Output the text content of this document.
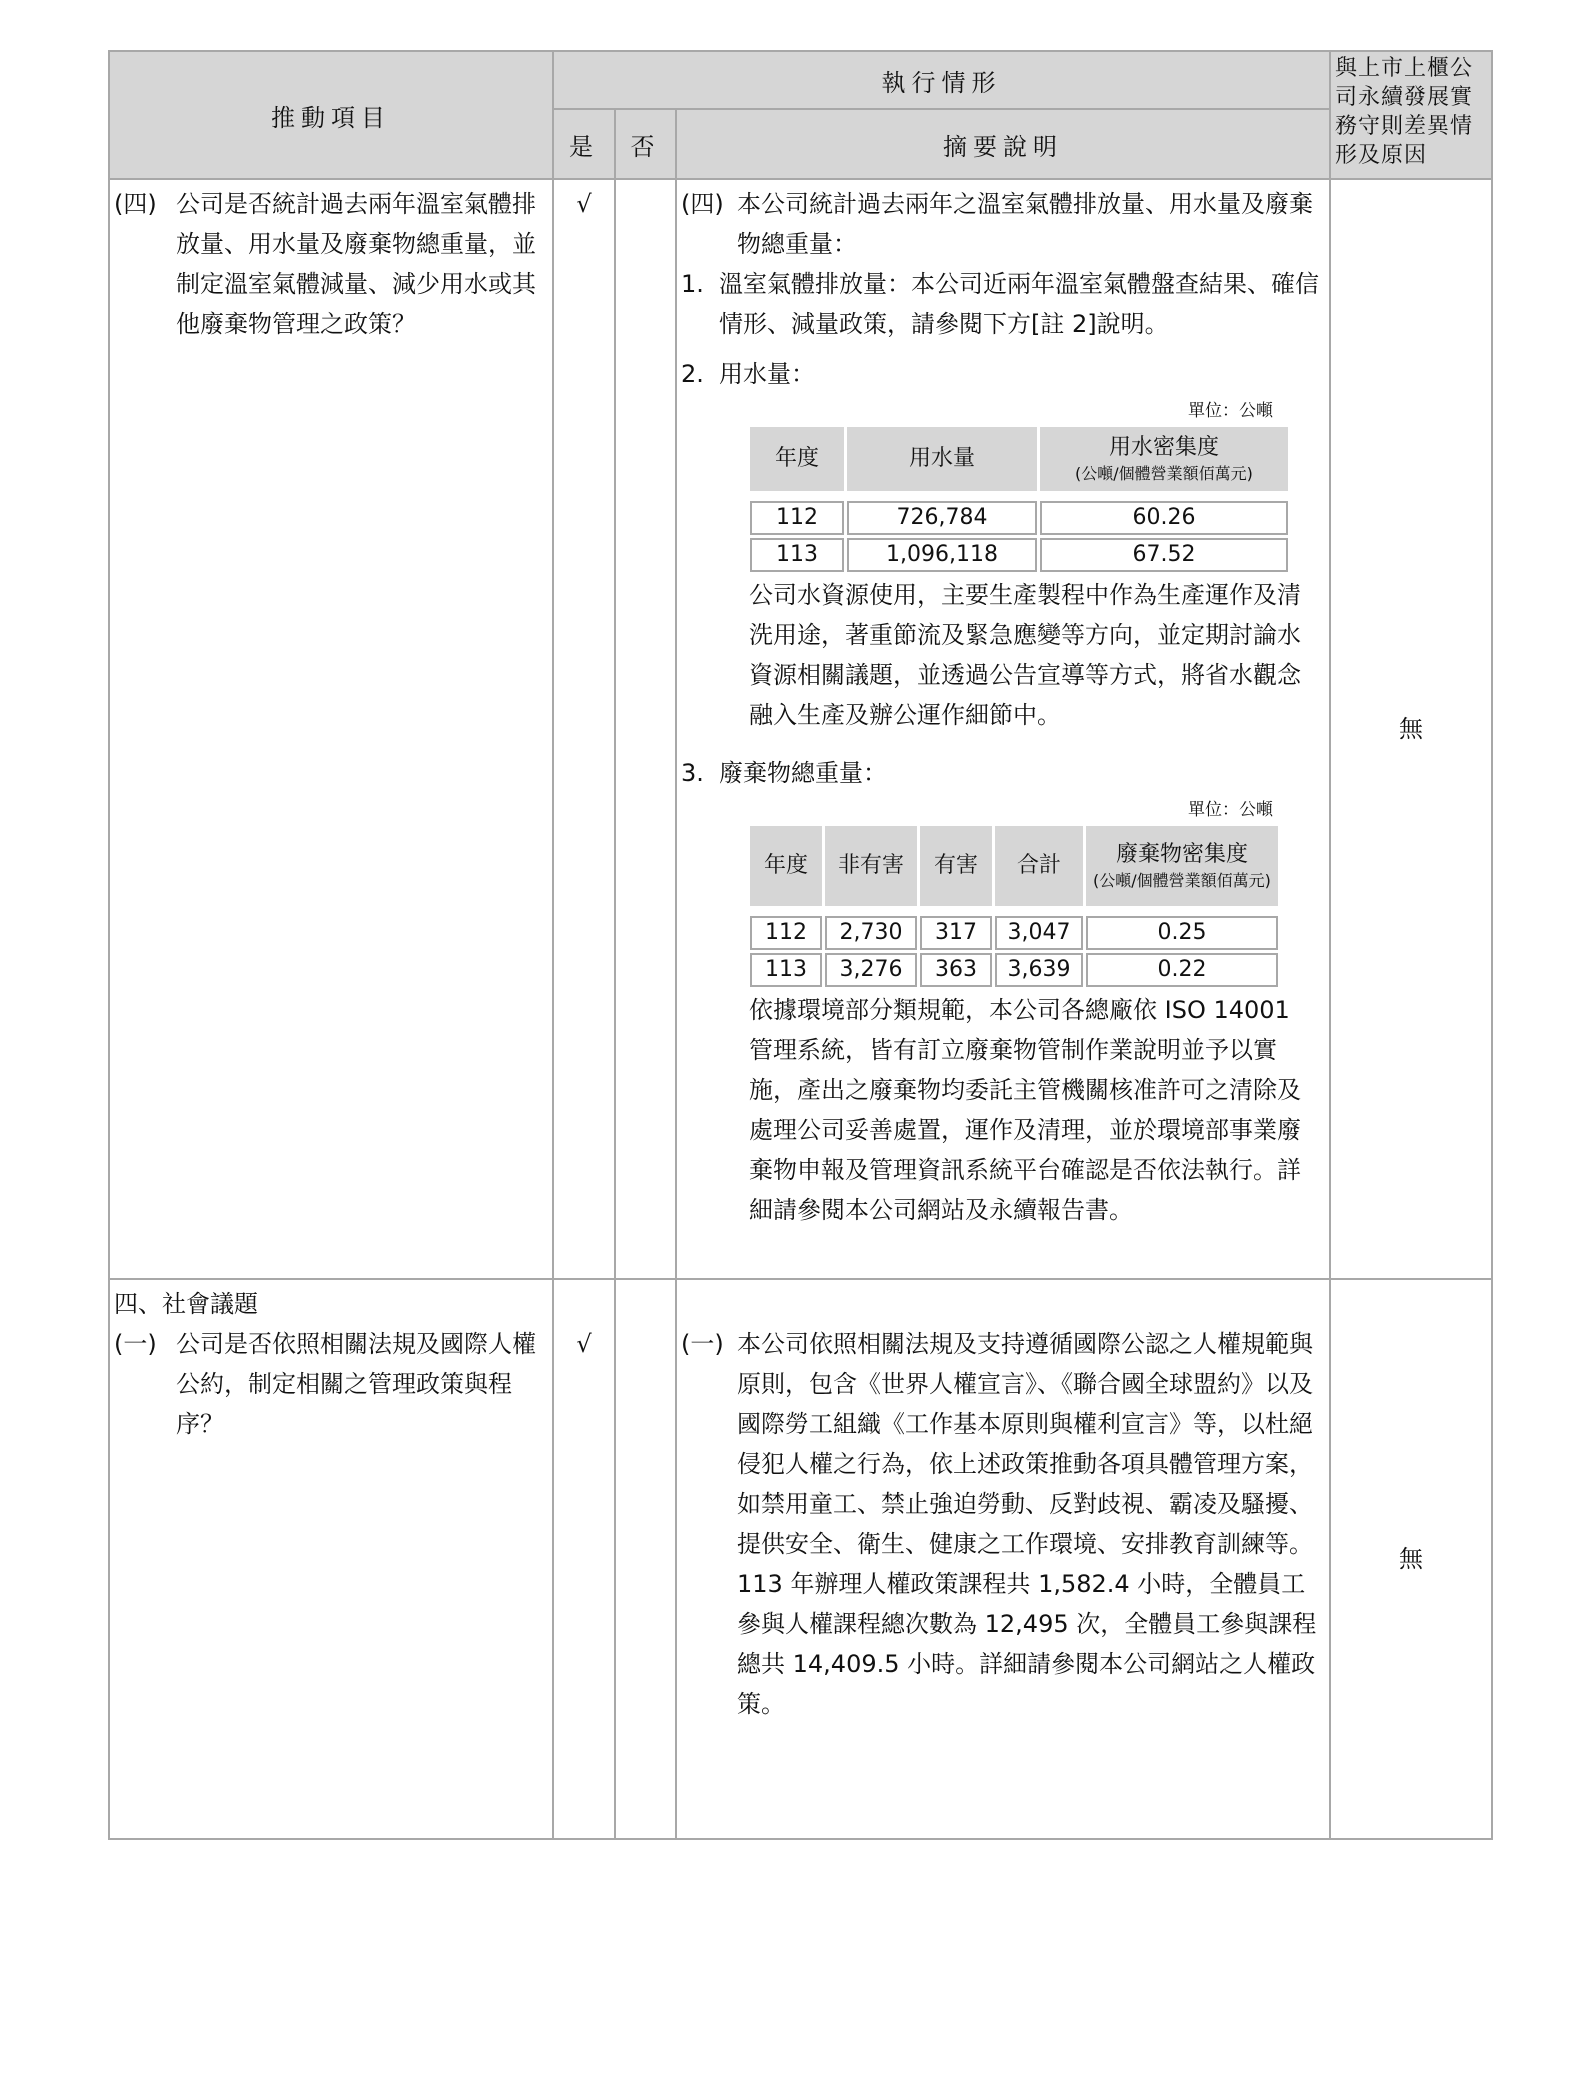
推動項目	執行情形	與上市上櫃公司永續發展實務守則差異情形及原因
是	否	摘要說明

(四) 公司是否統計過去兩年溫室氣體排放量、用水量及廢棄物總重量，並制定溫室氣體減量、減少用水或其他廢棄物管理之政策？
	√		(四) 本公司統計過去兩年之溫室氣體排放量、用水量及廢棄物總重量：
1. 溫室氣體排放量：本公司近兩年溫室氣體盤查結果、確信情形、減量政策，請參閱下方[註 2]說明。
2. 用水量：
單位：公噸
年度	用水量	用水密集度
(公噸/個體營業額佰萬元)

112	726,784	60.26
113	1,096,118	67.52
公司水資源使用，主要生產製程中作為生產運作及清洗用途，著重節流及緊急應變等方向，並定期討論水資源相關議題，並透過公告宣導等方式，將省水觀念融入生產及辦公運作細節中。
3. 廢棄物總重量：
單位：公噸
年度	非有害	有害	合計	廢棄物密集度
(公噸/個體營業額佰萬元)

112	2,730	317	3,047	0.25
113	3,276	363	3,639	0.22
依據環境部分類規範，本公司各總廠依 ISO 14001 管理系統，皆有訂立廢棄物管制作業說明並予以實施，產出之廢棄物均委託主管機關核准許可之清除及處理公司妥善處置，運作及清理，並於環境部事業廢棄物申報及管理資訊系統平台確認是否依法執行。詳細請參閱本公司網站及永續報告書。
	無

四、社會議題
(一) 公司是否依照相關法規及國際人權公約，制定相關之管理政策與程序？
	√		(一) 本公司依照相關法規及支持遵循國際公認之人權規範與原則，包含《世界人權宣言》、《聯合國全球盟約》以及國際勞工組織《工作基本原則與權利宣言》等，以杜絕侵犯人權之行為，依上述政策推動各項具體管理方案，如禁用童工、禁止強迫勞動、反對歧視、霸凌及騷擾、提供安全、衛生、健康之工作環境、安排教育訓練等。113 年辦理人權政策課程共 1,582.4 小時，全體員工參與人權課程總次數為 12,495 次，全體員工參與課程總共 14,409.5 小時。詳細請參閱本公司網站之人權政策。
	無
